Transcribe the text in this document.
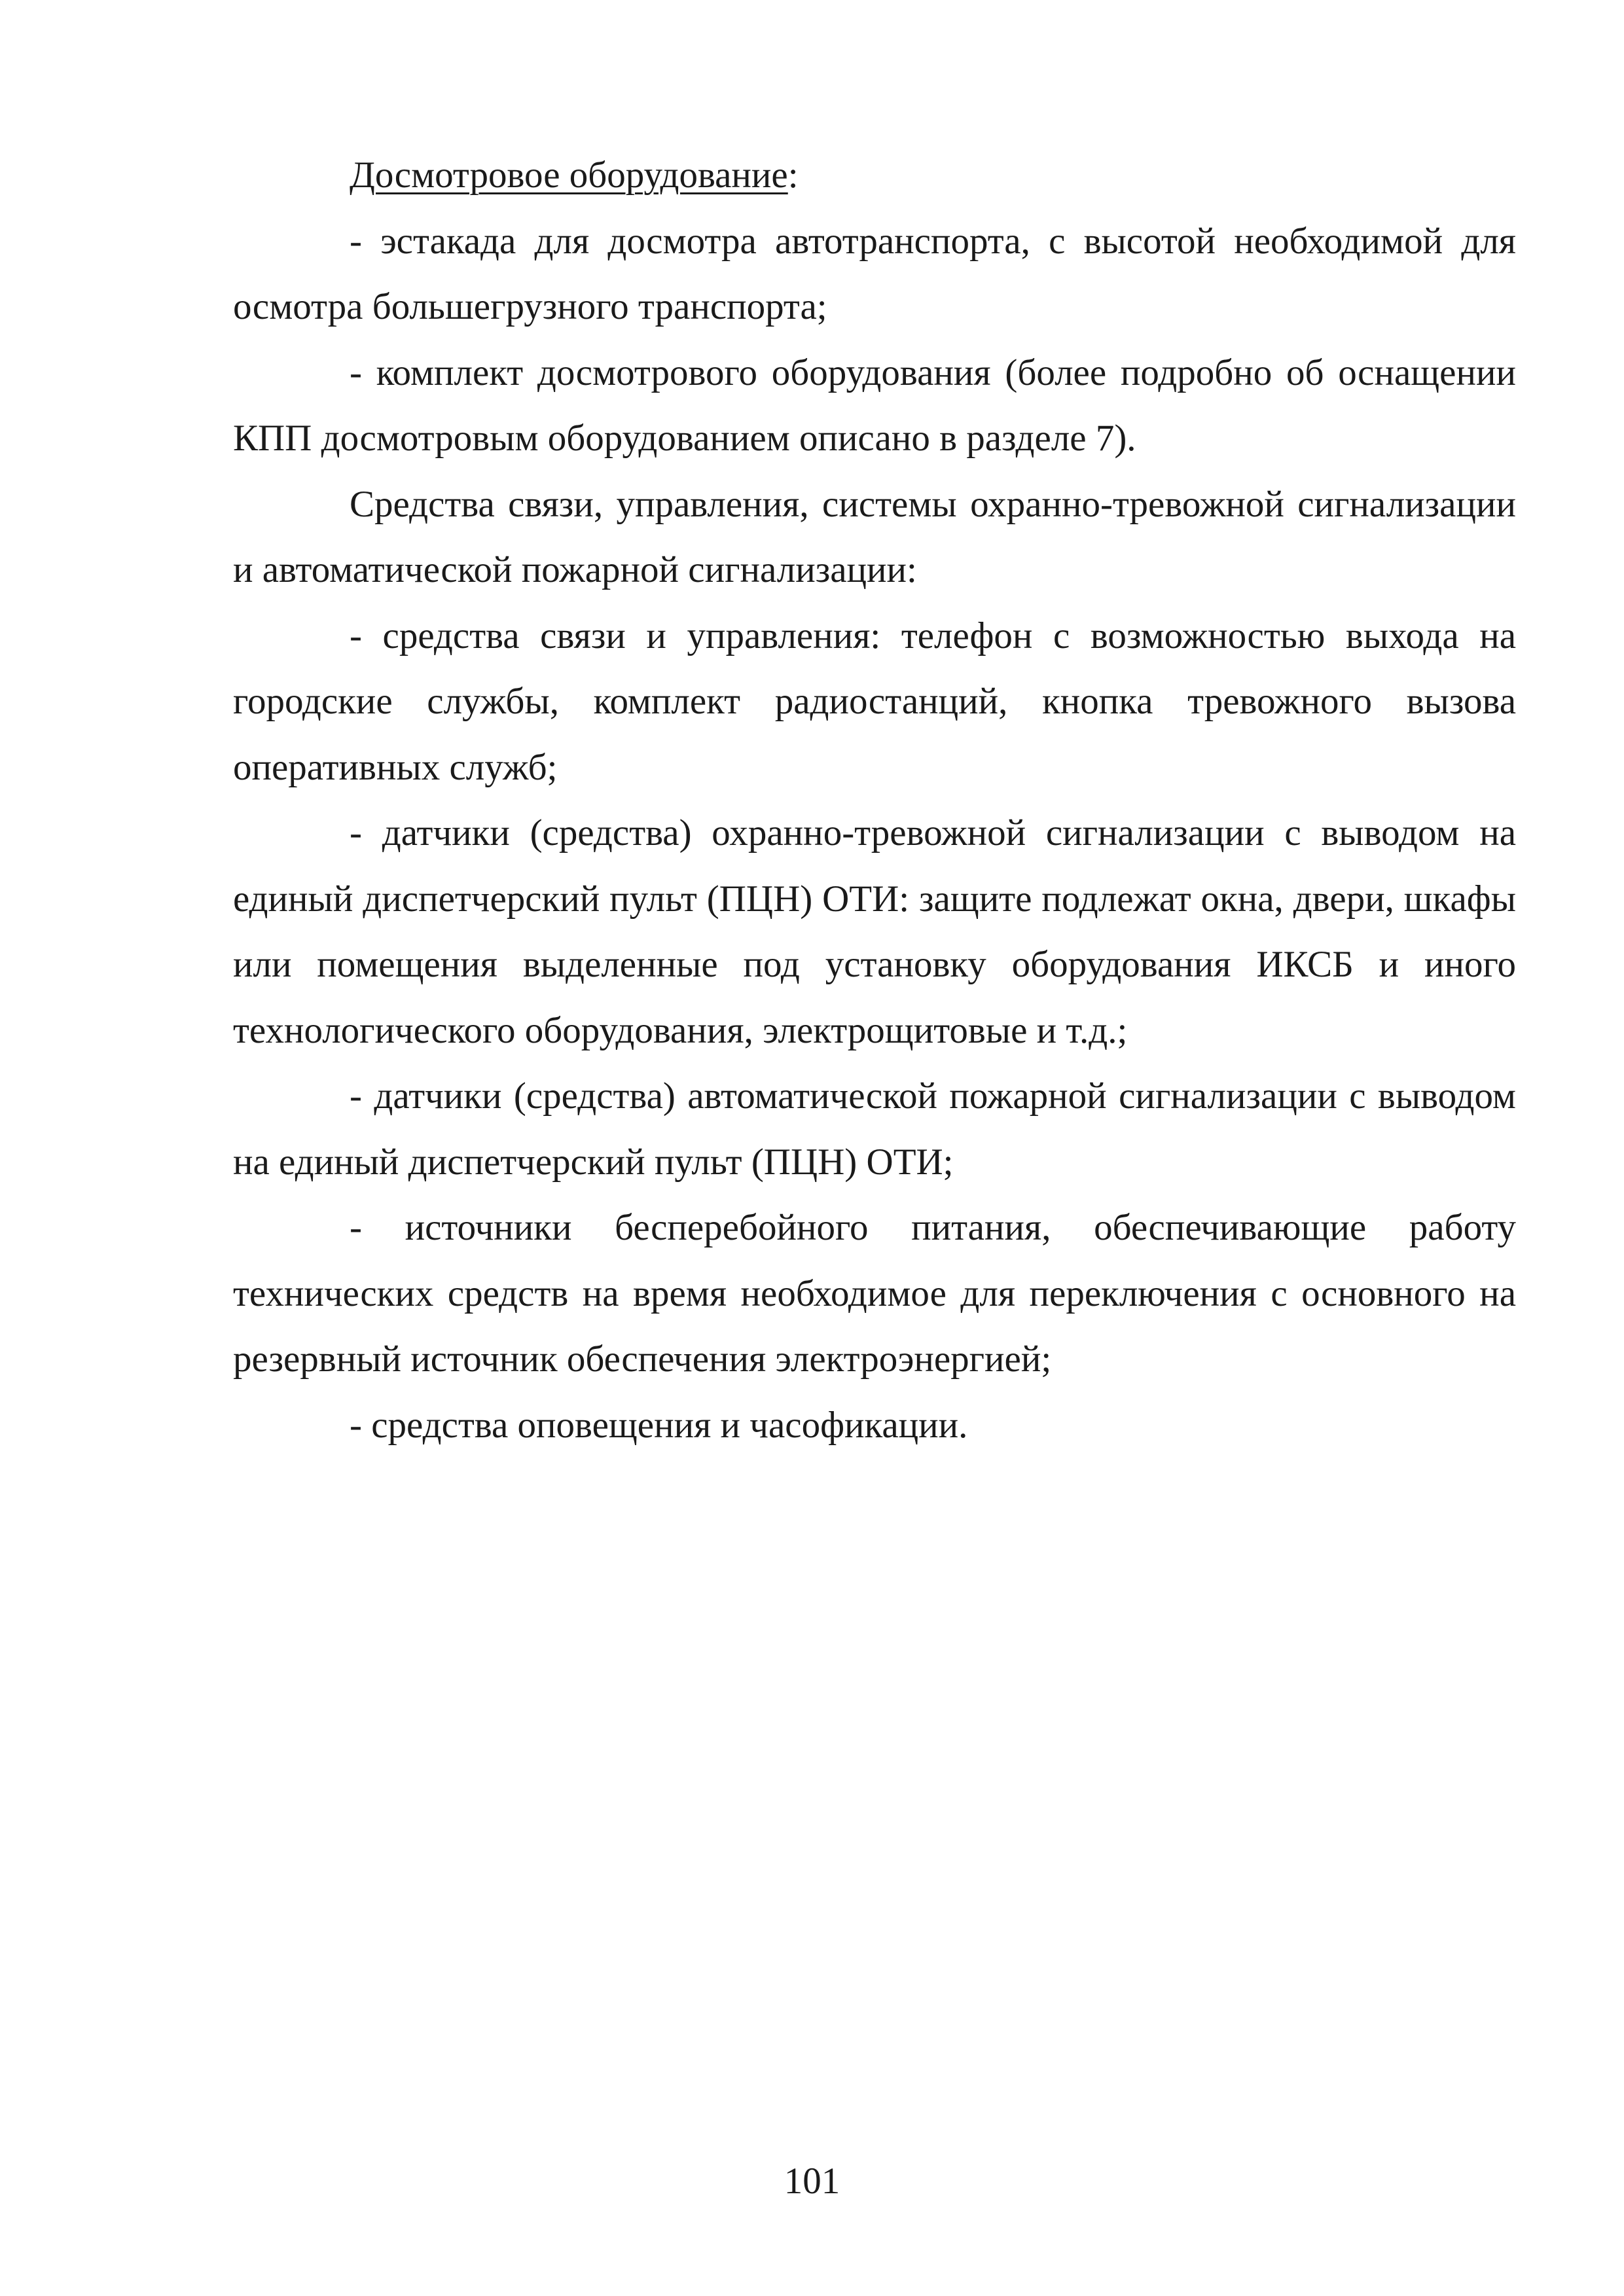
Досмотровое оборудование:

- эстакада для досмотра автотранспорта, с высотой необходимой для осмотра большегрузного транспорта;

- комплект досмотрового оборудования (более подробно об оснащении КПП досмотровым оборудованием описано в разделе 7).

Средства связи, управления, системы охранно-тревожной сигнализации и автоматической пожарной сигнализации:

- средства связи и управления: телефон с возможностью выхода на городские службы, комплект радиостанций, кнопка тревожного вызова оперативных служб;

- датчики (средства) охранно-тревожной сигнализации с выводом на единый диспетчерский пульт (ПЦН) ОТИ: защите подлежат окна, двери, шкафы или помещения выделенные под установку оборудования ИКСБ и иного технологического оборудования, электрощитовые и т.д.;

- датчики (средства) автоматической пожарной сигнализации с выводом на единый диспетчерский пульт (ПЦН) ОТИ;

- источники бесперебойного питания, обеспечивающие работу технических средств на время необходимое для переключения с основного на резервный источник обеспечения электроэнергией;

- средства оповещения и часофикации.

101
